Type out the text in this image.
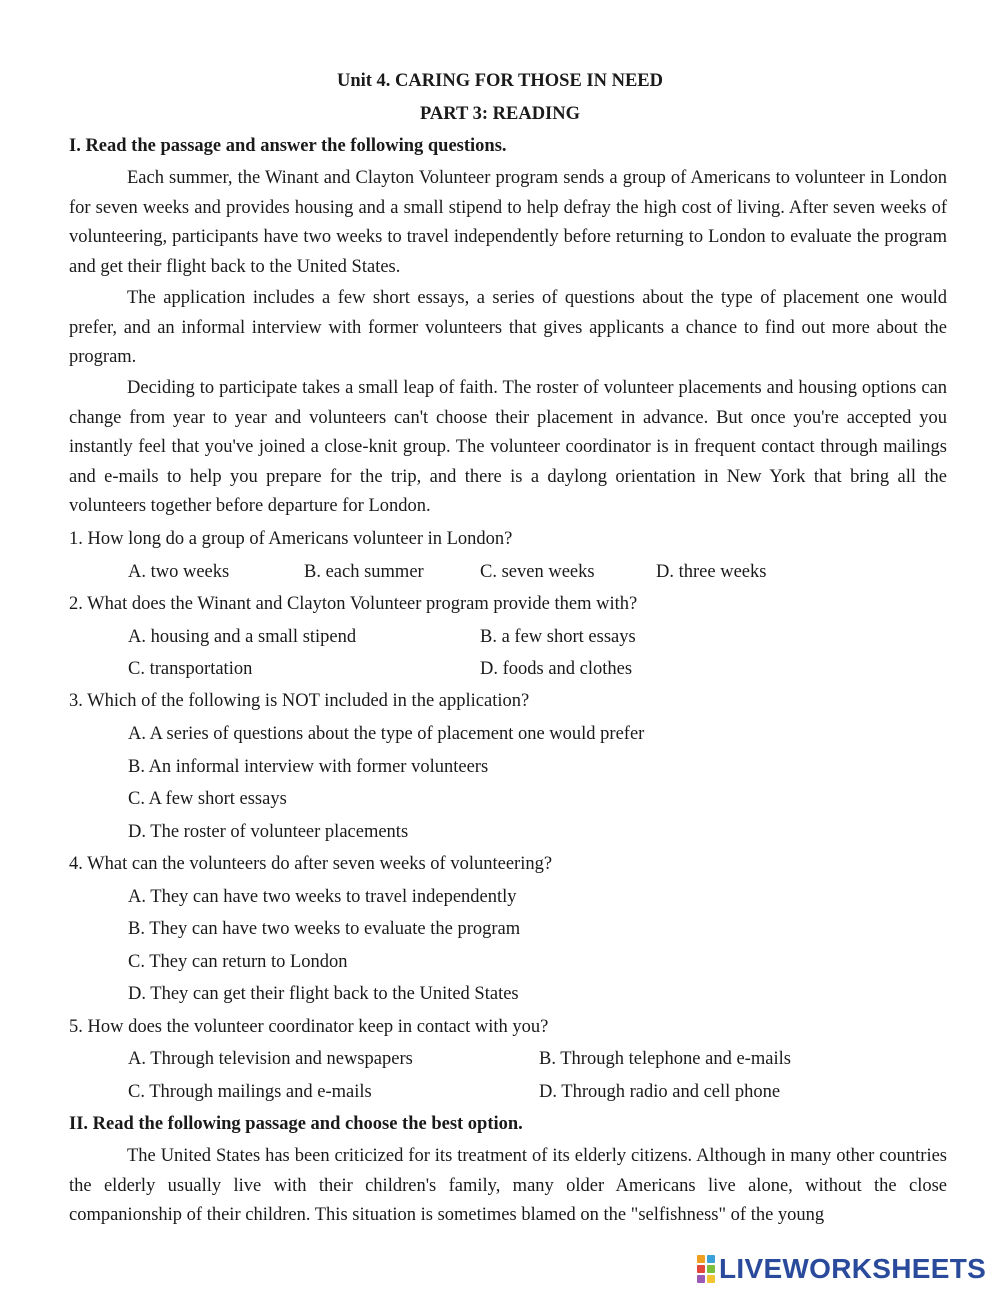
Unit 4. CARING FOR THOSE IN NEED
PART 3: READING
I. Read the passage and answer the following questions.
Each summer, the Winant and Clayton Volunteer program sends a group of Americans to volunteer in London for seven weeks and provides housing and a small stipend to help defray the high cost of living. After seven weeks of volunteering, participants have two weeks to travel independently before returning to London to evaluate the program and get their flight back to the United States.
The application includes a few short essays, a series of questions about the type of placement one would prefer, and an informal interview with former volunteers that gives applicants a chance to find out more about the program.
Deciding to participate takes a small leap of faith. The roster of volunteer placements and housing options can change from year to year and volunteers can't choose their placement in advance. But once you're accepted you instantly feel that you've joined a close-knit group. The volunteer coordinator is in frequent contact through mailings and e-mails to help you prepare for the trip, and there is a daylong orientation in New York that bring all the volunteers together before departure for London.
1. How long do a group of Americans volunteer in London?
A. two weeks	B. each summer	C. seven weeks	D. three weeks
2. What does the Winant and Clayton Volunteer program provide them with?
A. housing and a small stipend	B. a few short essays
C. transportation	D. foods and clothes
3. Which of the following is NOT included in the application?
A. A series of questions about the type of placement one would prefer
B. An informal interview with former volunteers
C. A few short essays
D. The roster of volunteer placements
4. What can the volunteers do after seven weeks of volunteering?
A. They can have two weeks to travel independently
B. They can have two weeks to evaluate the program
C. They can return to London
D. They can get their flight back to the United States
5. How does the volunteer coordinator keep in contact with you?
A. Through television and newspapers	B. Through telephone and e-mails
C. Through mailings and e-mails	D. Through radio and cell phone
II. Read the following passage and choose the best option.
The United States has been criticized for its treatment of its elderly citizens. Although in many other countries the elderly usually live with their children's family, many older Americans live alone, without the close companionship of their children. This situation is sometimes blamed on the "selfishness" of the young
LIVEWORKSHEETS
